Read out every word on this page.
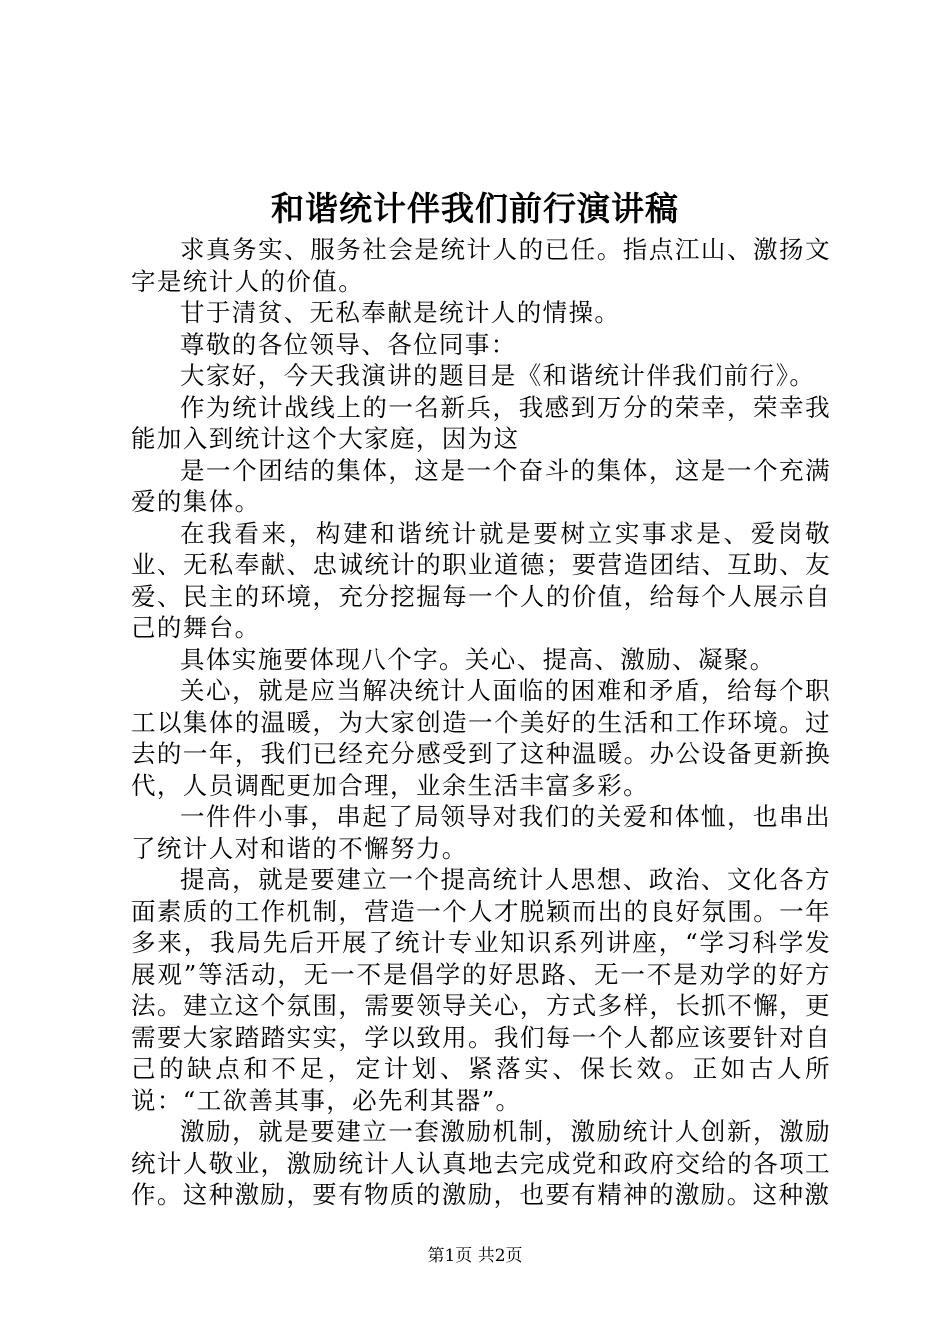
和谐统计伴我们前行演讲稿

求真务实、服务社会是统计人的已任。指点江山、激扬文字是统计人的价值。

甘于清贫、无私奉献是统计人的情操。

尊敬的各位领导、各位同事：

大家好，今天我演讲的题目是《和谐统计伴我们前行》。

作为统计战线上的一名新兵，我感到万分的荣幸，荣幸我能加入到统计这个大家庭，因为这

是一个团结的集体，这是一个奋斗的集体，这是一个充满爱的集体。

在我看来，构建和谐统计就是要树立实事求是、爱岗敬业、无私奉献、忠诚统计的职业道德；要营造团结、互助、友爱、民主的环境，充分挖掘每一个人的价值，给每个人展示自己的舞台。

具体实施要体现八个字。关心、提高、激励、凝聚。

关心，就是应当解决统计人面临的困难和矛盾，给每个职工以集体的温暖，为大家创造一个美好的生活和工作环境。过去的一年，我们已经充分感受到了这种温暖。办公设备更新换代，人员调配更加合理，业余生活丰富多彩。

一件件小事，串起了局领导对我们的关爱和体恤，也串出了统计人对和谐的不懈努力。

提高，就是要建立一个提高统计人思想、政治、文化各方面素质的工作机制，营造一个人才脱颖而出的良好氛围。一年多来，我局先后开展了统计专业知识系列讲座，“学习科学发展观”等活动，无一不是倡学的好思路、无一不是劝学的好方法。建立这个氛围，需要领导关心，方式多样，长抓不懈，更需要大家踏踏实实，学以致用。我们每一个人都应该要针对自己的缺点和不足，定计划、紧落实、保长效。正如古人所说：“工欲善其事，必先利其器”。

激励，就是要建立一套激励机制，激励统计人创新，激励统计人敬业，激励统计人认真地去完成党和政府交给的各项工作。这种激励，要有物质的激励，也要有精神的激励。这种激

第1页 共2页
